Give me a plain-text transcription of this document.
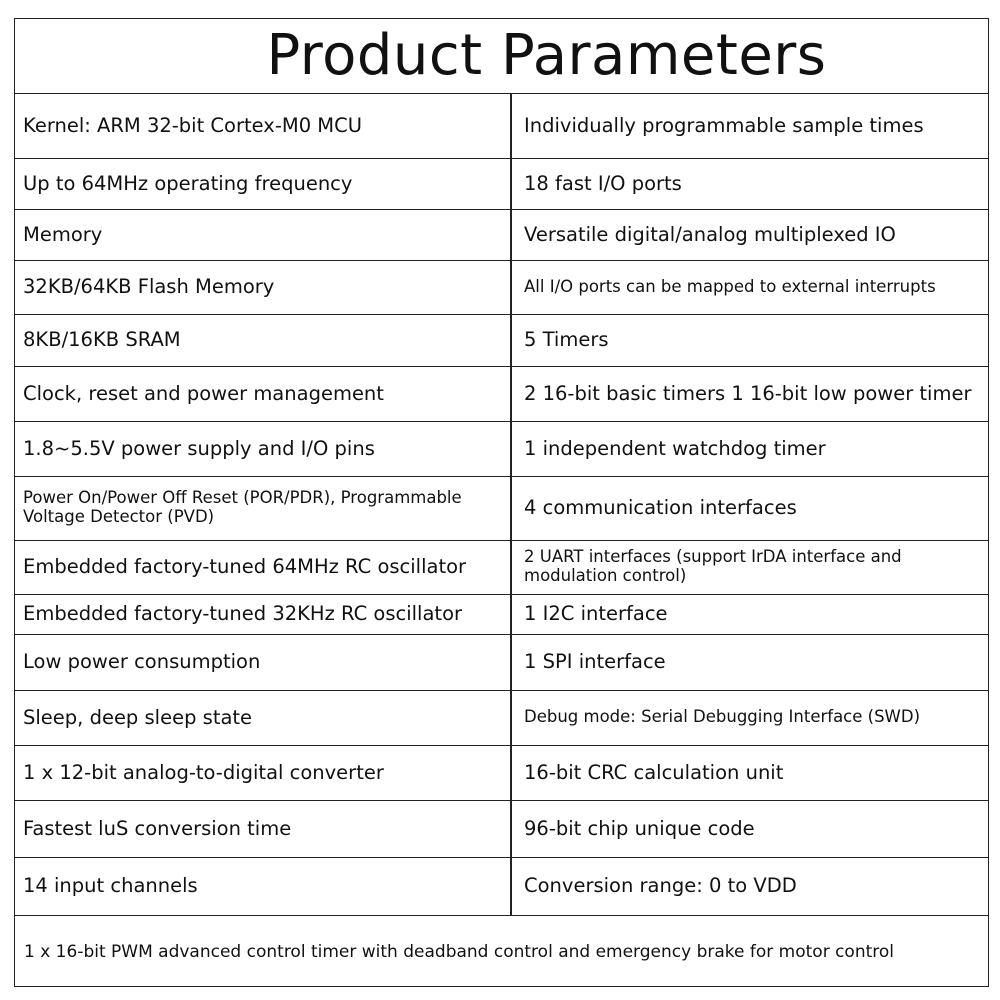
Product Parameters
Kernel: ARM 32-bit Cortex-M0 MCU
Up to 64MHz operating frequency
Memory
32KB/64KB Flash Memory
8KB/16KB SRAM
Clock, reset and power management
1.8~5.5V power supply and I/O pins
Power On/Power Off Reset (POR/PDR), Programmable Voltage Detector (PVD)
Embedded factory-tuned 64MHz RC oscillator
Embedded factory-tuned 32KHz RC oscillator
Low power consumption
Sleep, deep sleep state
1 x 12-bit analog-to-digital converter
Fastest luS conversion time
14 input channels
Individually programmable sample times
18 fast I/O ports
Versatile digital/analog multiplexed IO
All I/O ports can be mapped to external interrupts
5 Timers
2 16-bit basic timers 1 16-bit low power timer
1 independent watchdog timer
4 communication interfaces
2 UART interfaces (support IrDA interface and modulation control)
1 I2C interface
1 SPI interface
Debug mode: Serial Debugging Interface (SWD)
16-bit CRC calculation unit
96-bit chip unique code
Conversion range: 0 to VDD
1 x 16-bit PWM advanced control timer with deadband control and emergency brake for motor control
